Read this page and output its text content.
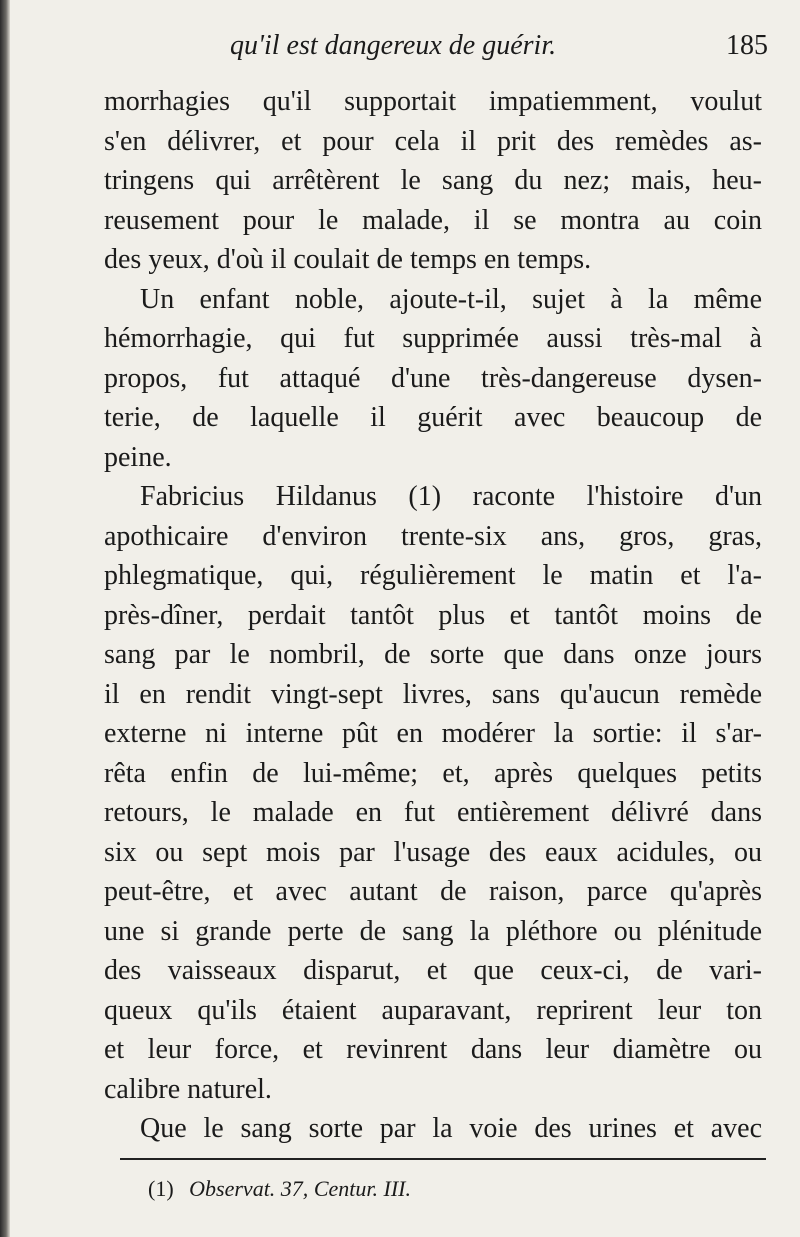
qu'il est dangereux de guérir.	185
morrhagies qu'il supportait impatiemment, voulut
s'en délivrer, et pour cela il prit des remèdes as-
tringens qui arrêtèrent le sang du nez; mais, heu-
reusement pour le malade, il se montra au coin
des yeux, d'où il coulait de temps en temps.
Un enfant noble, ajoute-t-il, sujet à la même
hémorrhagie, qui fut supprimée aussi très-mal à
propos, fut attaqué d'une très-dangereuse dysen-
terie, de laquelle il guérit avec beaucoup de
peine.
Fabricius Hildanus (1) raconte l'histoire d'un
apothicaire d'environ trente-six ans, gros, gras,
phlegmatique, qui, régulièrement le matin et l'a-
près-dîner, perdait tantôt plus et tantôt moins de
sang par le nombril, de sorte que dans onze jours
il en rendit vingt-sept livres, sans qu'aucun remède
externe ni interne pût en modérer la sortie: il s'ar-
rêta enfin de lui-même; et, après quelques petits
retours, le malade en fut entièrement délivré dans
six ou sept mois par l'usage des eaux acidules, ou
peut-être, et avec autant de raison, parce qu'après
une si grande perte de sang la pléthore ou plénitude
des vaisseaux disparut, et que ceux-ci, de vari-
queux qu'ils étaient auparavant, reprirent leur ton
et leur force, et revinrent dans leur diamètre ou
calibre naturel.
Que le sang sorte par la voie des urines et avec
(1) Observat. 37, Centur. III.
